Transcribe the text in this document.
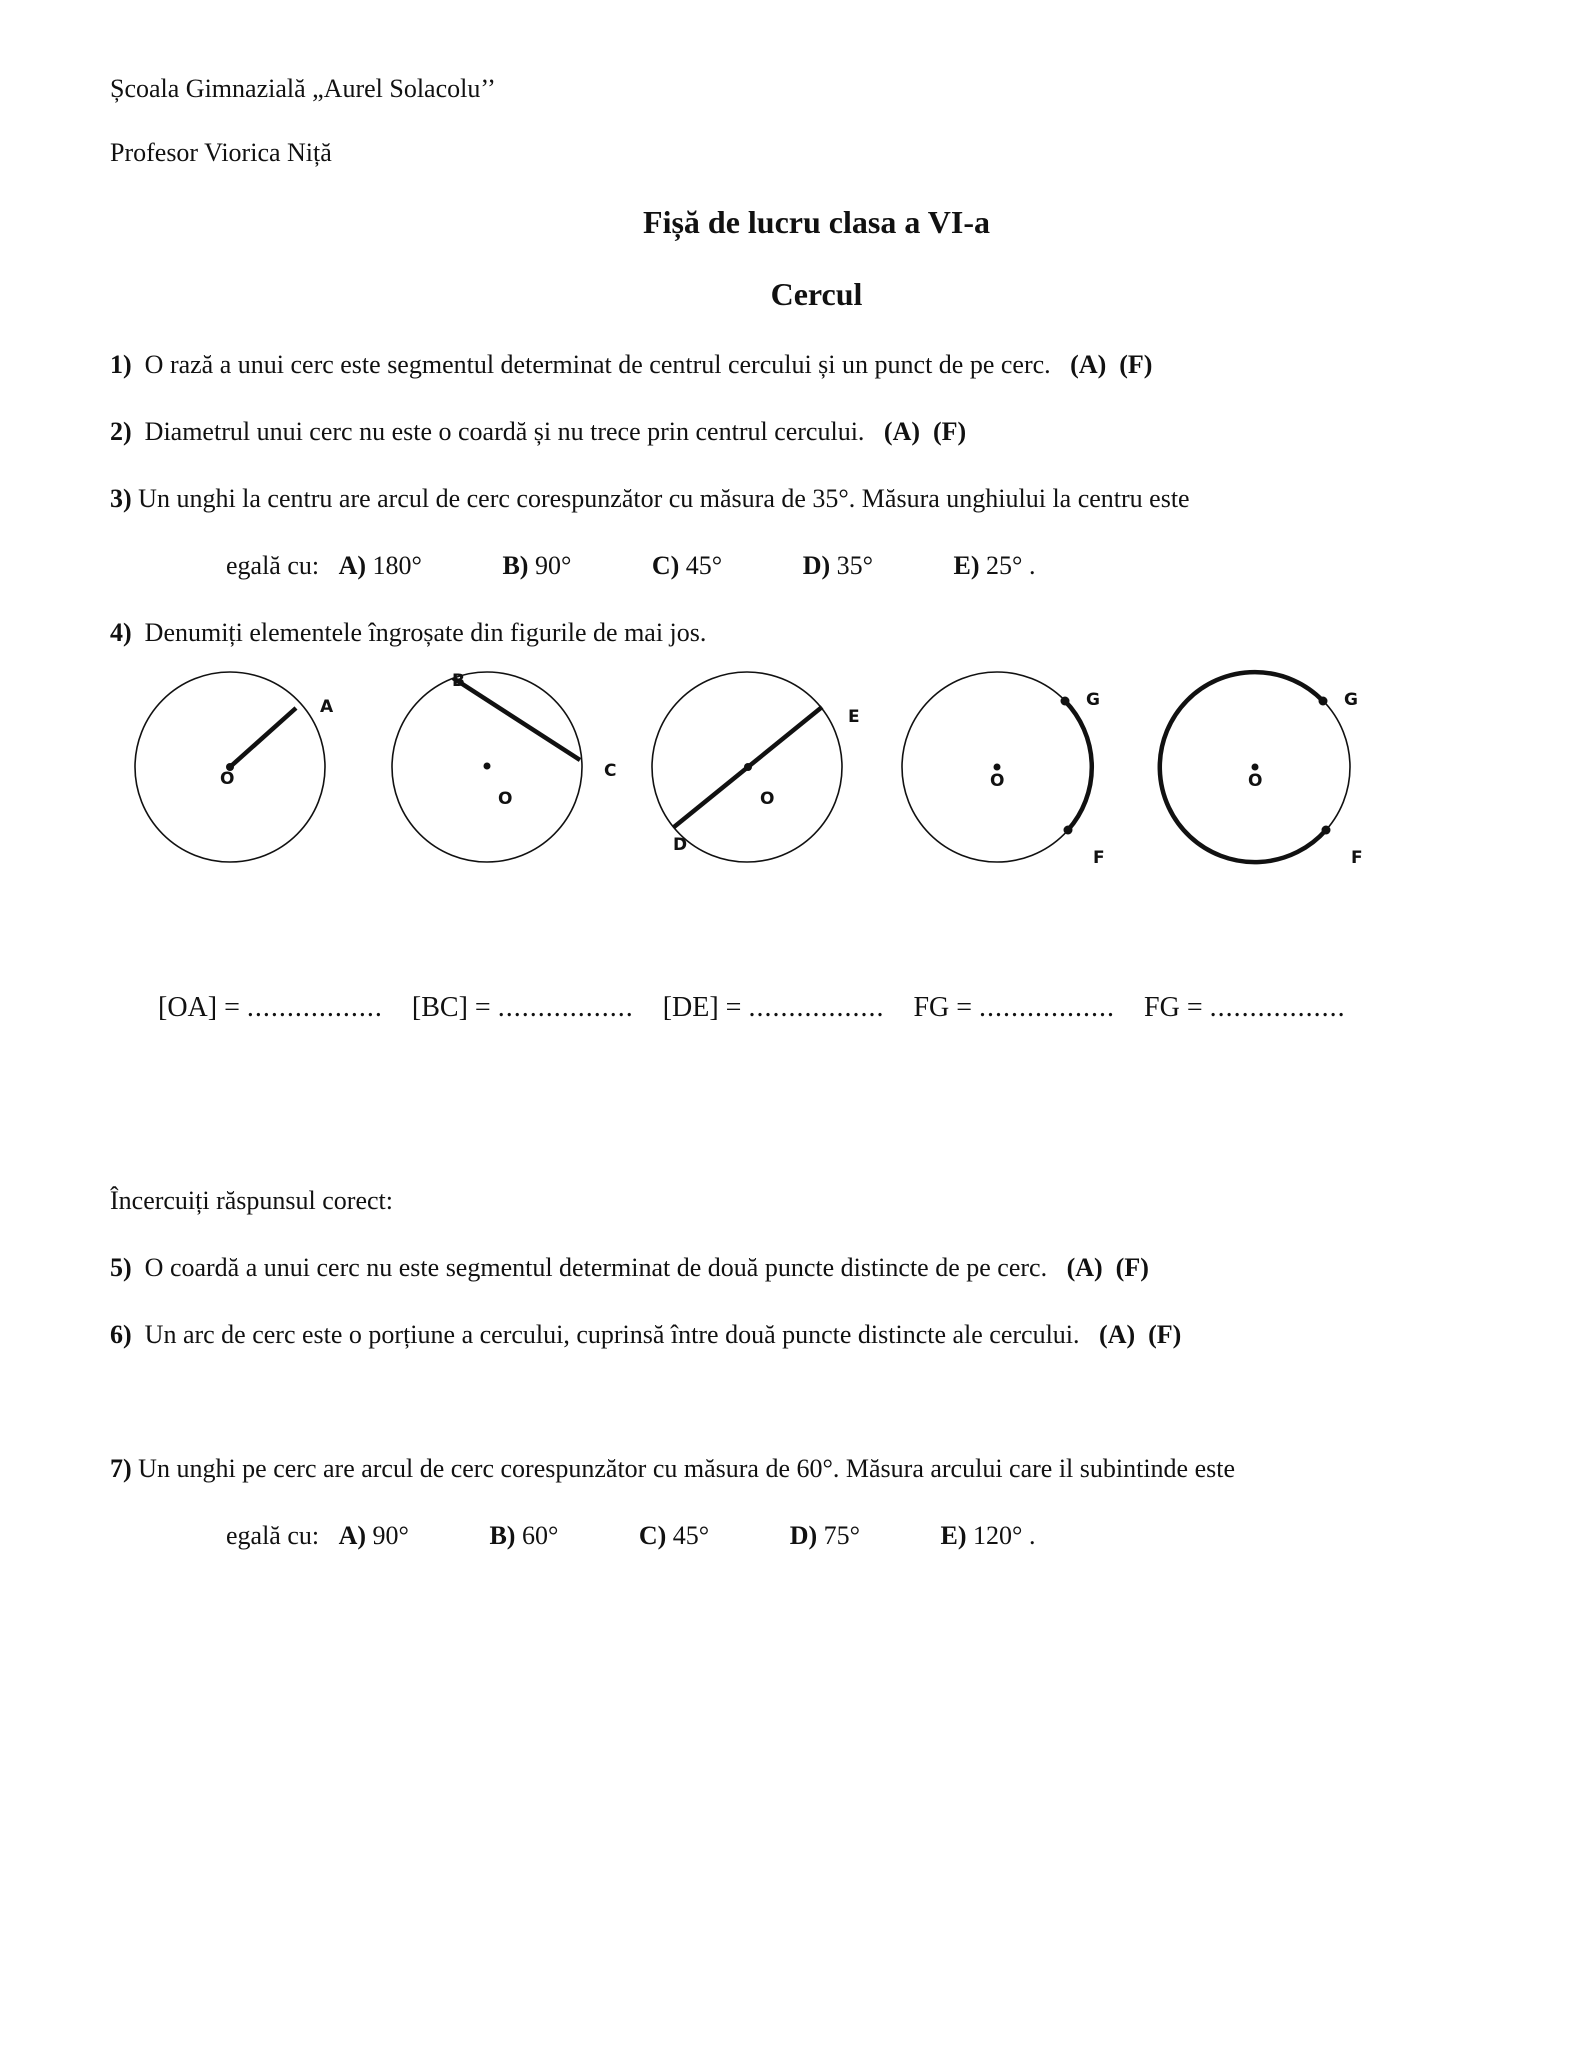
Școala Gimnazială „Aurel Solacolu’’
Profesor Viorica Niță
Fișă de lucru clasa a VI-a
Cercul
1) O rază a unui cerc este segmentul determinat de centrul cercului și un punct de pe cerc. (A) (F)
2) Diametrul unui cerc nu este o coardă și nu trece prin centrul cercului. (A) (F)
3) Un unghi la centru are arcul de cerc corespunzător cu măsura de 35°. Măsura unghiului la centru este
egală cu: A) 180°	B) 90°	C) 45°	D) 35°	E) 25° .
4) Denumiți elementele îngroșate din figurile de mai jos.
O
A
O
B
C
O
D
E
O
G
F
O
G
F
[OA] = ................. [BC] = ................. [DE] = ................. FG = ................. FG = .................
Încercuiți răspunsul corect:
5) O coardă a unui cerc nu este segmentul determinat de două puncte distincte de pe cerc. (A) (F)
6) Un arc de cerc este o porțiune a cercului, cuprinsă între două puncte distincte ale cercului. (A) (F)
7) Un unghi pe cerc are arcul de cerc corespunzător cu măsura de 60°. Măsura arcului care il subintinde este
egală cu: A) 90°	B) 60°	C) 45°	D) 75°	E) 120° .
